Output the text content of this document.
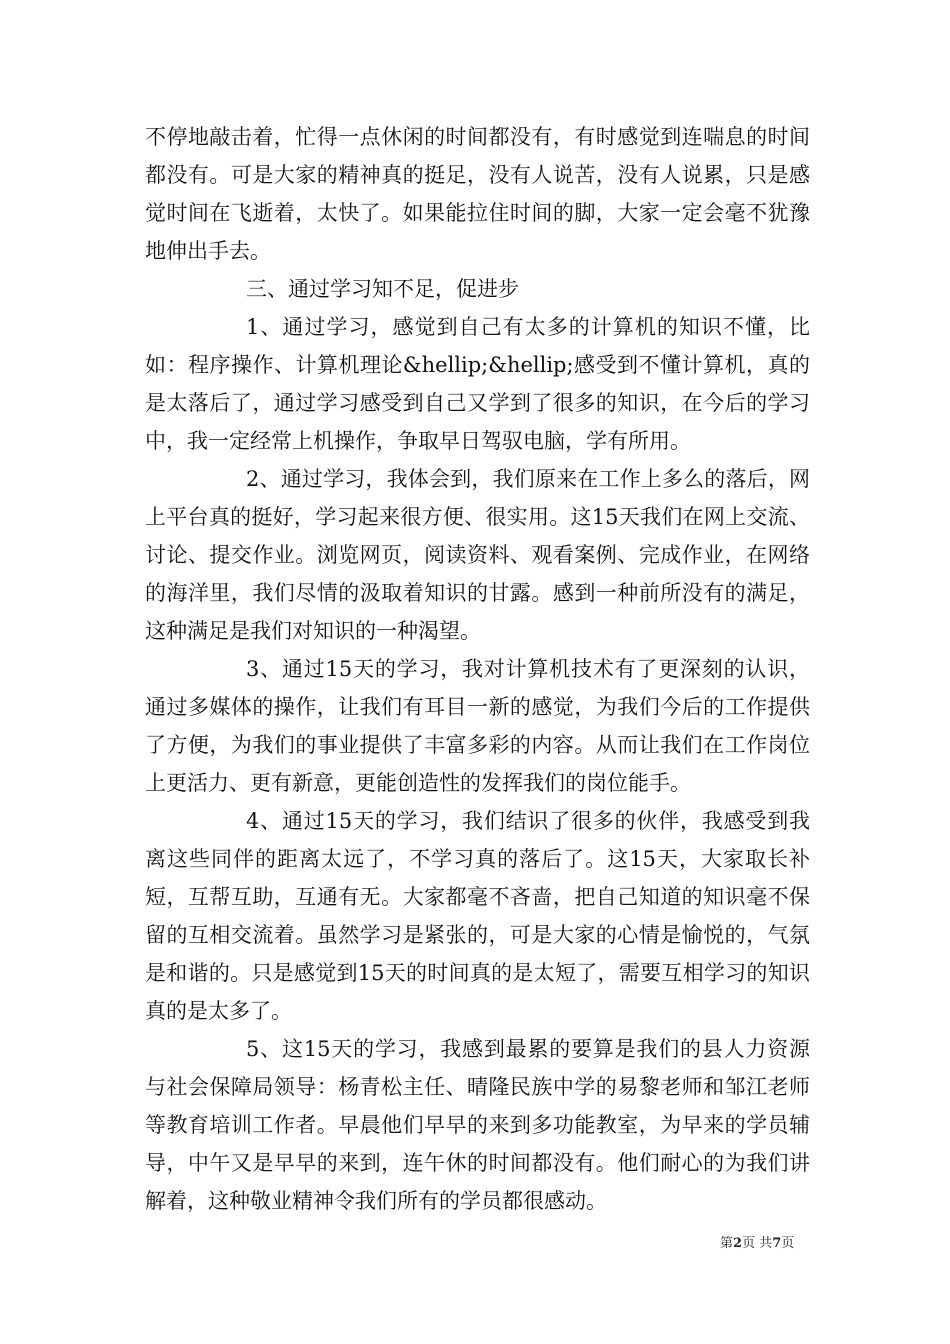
不停地敲击着，忙得一点休闲的时间都没有，有时感觉到连喘息的时间都没有。可是大家的精神真的挺足，没有人说苦，没有人说累，只是感觉时间在飞逝着，太快了。如果能拉住时间的脚，大家一定会毫不犹豫地伸出手去。

三、通过学习知不足，促进步

1、通过学习，感觉到自己有太多的计算机的知识不懂，比如：程序操作、计算机理论&hellip;&hellip;感受到不懂计算机，真的是太落后了，通过学习感受到自己又学到了很多的知识，在今后的学习中，我一定经常上机操作，争取早日驾驭电脑，学有所用。

2、通过学习，我体会到，我们原来在工作上多么的落后，网上平台真的挺好，学习起来很方便、很实用。这15天我们在网上交流、讨论、提交作业。浏览网页，阅读资料、观看案例、完成作业，在网络的海洋里，我们尽情的汲取着知识的甘露。感到一种前所没有的满足，这种满足是我们对知识的一种渴望。

3、通过15天的学习，我对计算机技术有了更深刻的认识，通过多媒体的操作，让我们有耳目一新的感觉，为我们今后的工作提供了方便，为我们的事业提供了丰富多彩的内容。从而让我们在工作岗位上更活力、更有新意，更能创造性的发挥我们的岗位能手。

4、通过15天的学习，我们结识了很多的伙伴，我感受到我离这些同伴的距离太远了，不学习真的落后了。这15天，大家取长补短，互帮互助，互通有无。大家都毫不吝啬，把自己知道的知识毫不保留的互相交流着。虽然学习是紧张的，可是大家的心情是愉悦的，气氛是和谐的。只是感觉到15天的时间真的是太短了，需要互相学习的知识真的是太多了。

5、这15天的学习，我感到最累的要算是我们的县人力资源与社会保障局领导：杨青松主任、晴隆民族中学的易黎老师和邹江老师等教育培训工作者。早晨他们早早的来到多功能教室，为早来的学员辅导，中午又是早早的来到，连午休的时间都没有。他们耐心的为我们讲解着，这种敬业精神令我们所有的学员都很感动。

第2页 共7页
